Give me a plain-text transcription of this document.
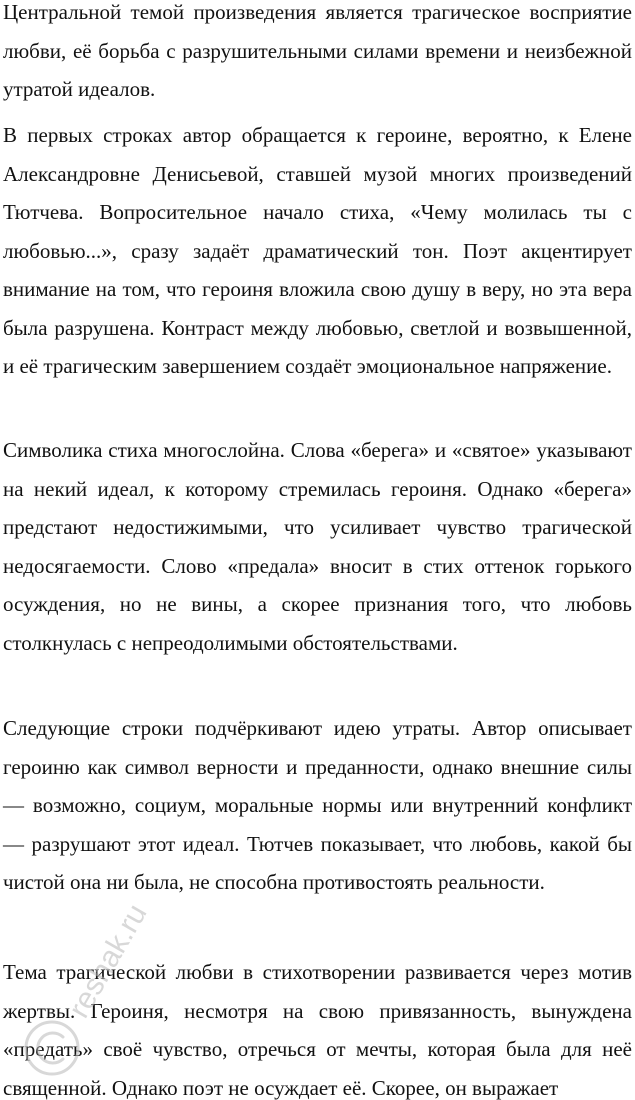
Центральной темой произведения является трагическое восприятие любви, её борьба с разрушительными силами времени и неизбежной утратой идеалов.

В первых строках автор обращается к героине, вероятно, к Елене Александровне Денисьевой, ставшей музой многих произведений Тютчева. Вопросительное начало стиха, «Чему молилась ты с любовью...», сразу задаёт драматический тон. Поэт акцентирует внимание на том, что героиня вложила свою душу в веру, но эта вера была разрушена. Контраст между любовью, светлой и возвышенной, и её трагическим завершением создаёт эмоциональное напряжение.

Символика стиха многослойна. Слова «берега» и «святое» указывают на некий идеал, к которому стремилась героиня. Однако «берега» предстают недостижимыми, что усиливает чувство трагической недосягаемости. Слово «предала» вносит в стих оттенок горького осуждения, но не вины, а скорее признания того, что любовь столкнулась с непреодолимыми обстоятельствами.

Следующие строки подчёркивают идею утраты. Автор описывает героиню как символ верности и преданности, однако внешние силы — возможно, социум, моральные нормы или внутренний конфликт — разрушают этот идеал. Тютчев показывает, что любовь, какой бы чистой она ни была, не способна противостоять реальности.

Тема трагической любви в стихотворении развивается через мотив жертвы. Героиня, несмотря на свою привязанность, вынуждена «предать» своё чувство, отречься от мечты, которая была для неё священной. Однако поэт не осуждает её. Скорее, он выражает

reshak.ru
